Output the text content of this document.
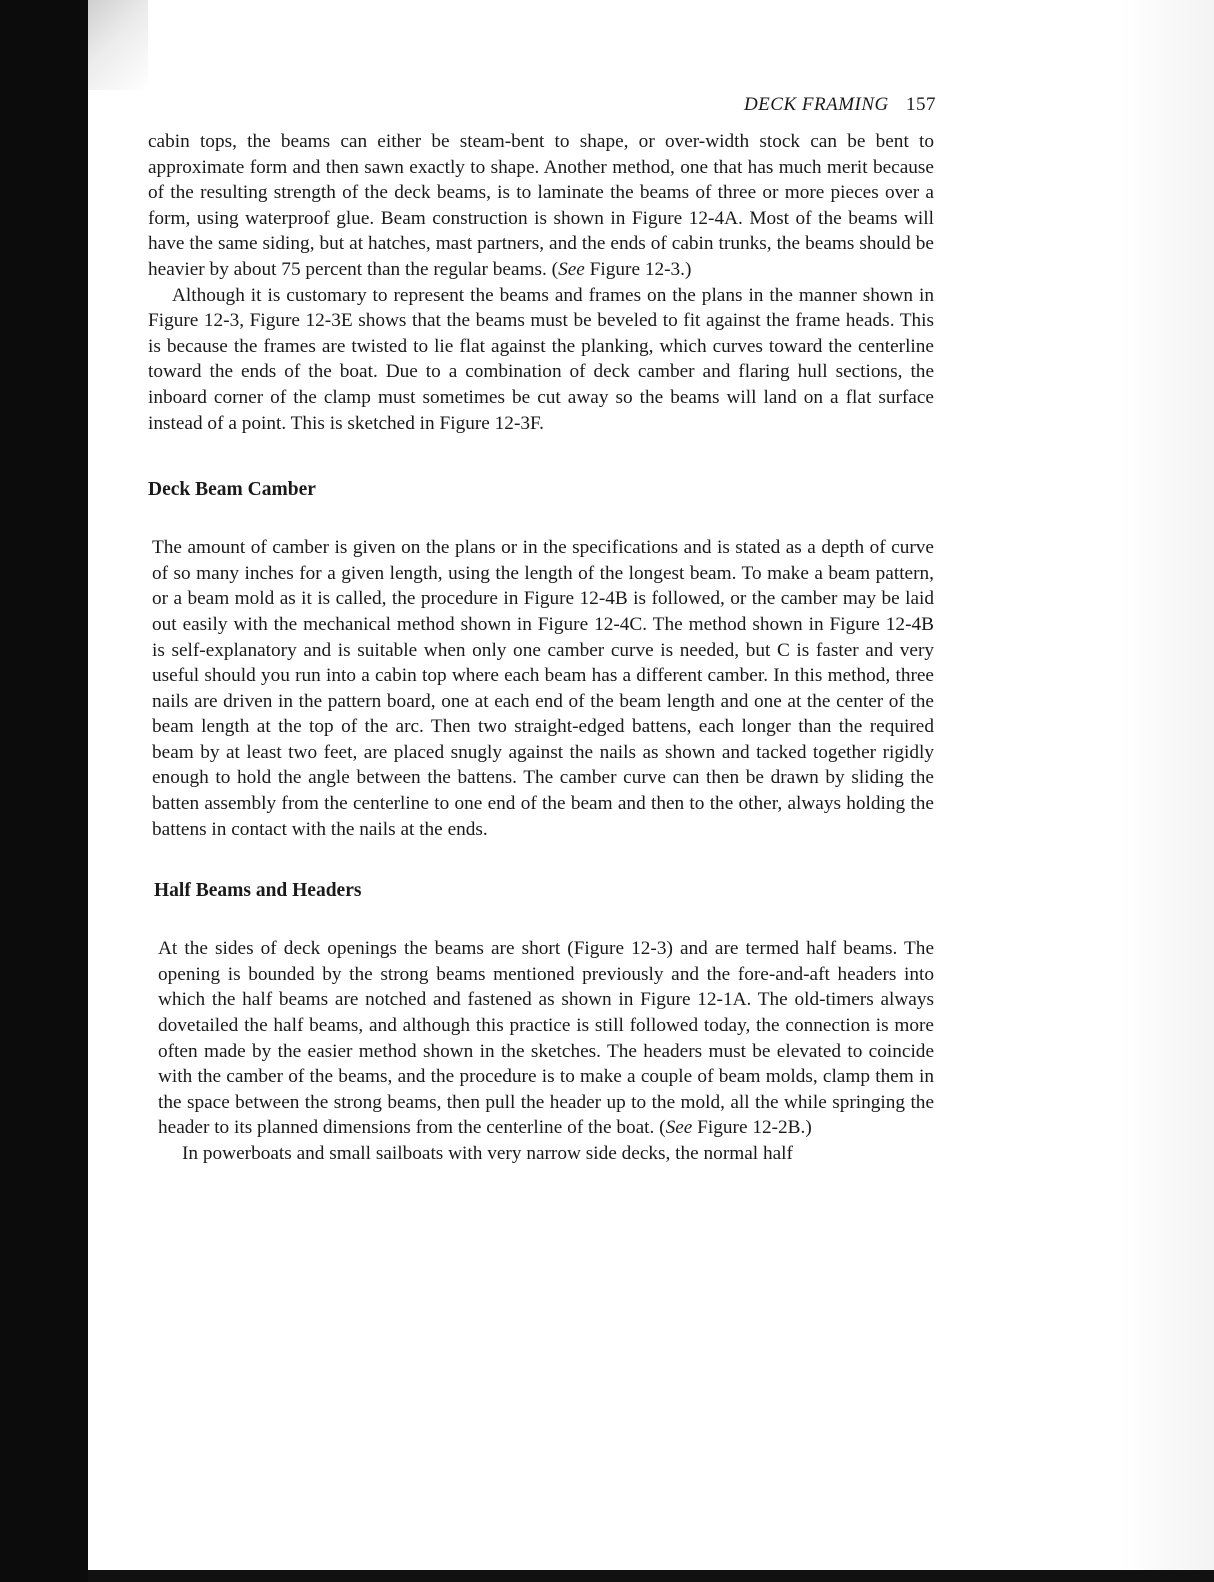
DECK FRAMING 157

cabin tops, the beams can either be steam-bent to shape, or over-width stock can be bent to approximate form and then sawn exactly to shape. Another method, one that has much merit because of the resulting strength of the deck beams, is to laminate the beams of three or more pieces over a form, using waterproof glue. Beam construction is shown in Figure 12-4A. Most of the beams will have the same siding, but at hatches, mast partners, and the ends of cabin trunks, the beams should be heavier by about 75 percent than the regular beams. (See Figure 12-3.)

Although it is customary to represent the beams and frames on the plans in the manner shown in Figure 12-3, Figure 12-3E shows that the beams must be beveled to fit against the frame heads. This is because the frames are twisted to lie flat against the planking, which curves toward the centerline toward the ends of the boat. Due to a combination of deck camber and flaring hull sections, the inboard corner of the clamp must sometimes be cut away so the beams will land on a flat surface instead of a point. This is sketched in Figure 12-3F.

Deck Beam Camber

The amount of camber is given on the plans or in the specifications and is stated as a depth of curve of so many inches for a given length, using the length of the longest beam. To make a beam pattern, or a beam mold as it is called, the procedure in Figure 12-4B is followed, or the camber may be laid out easily with the mechanical method shown in Figure 12-4C. The method shown in Figure 12-4B is self-explanatory and is suitable when only one camber curve is needed, but C is faster and very useful should you run into a cabin top where each beam has a different camber. In this method, three nails are driven in the pattern board, one at each end of the beam length and one at the center of the beam length at the top of the arc. Then two straight-edged battens, each longer than the required beam by at least two feet, are placed snugly against the nails as shown and tacked together rigidly enough to hold the angle between the battens. The camber curve can then be drawn by sliding the batten assembly from the centerline to one end of the beam and then to the other, always holding the battens in contact with the nails at the ends.

Half Beams and Headers

At the sides of deck openings the beams are short (Figure 12-3) and are termed half beams. The opening is bounded by the strong beams mentioned previously and the fore-and-aft headers into which the half beams are notched and fastened as shown in Figure 12-1A. The old-timers always dovetailed the half beams, and although this practice is still followed today, the connection is more often made by the easier method shown in the sketches. The headers must be elevated to coincide with the camber of the beams, and the procedure is to make a couple of beam molds, clamp them in the space between the strong beams, then pull the header up to the mold, all the while springing the header to its planned dimensions from the centerline of the boat. (See Figure 12-2B.)

In powerboats and small sailboats with very narrow side decks, the normal half
